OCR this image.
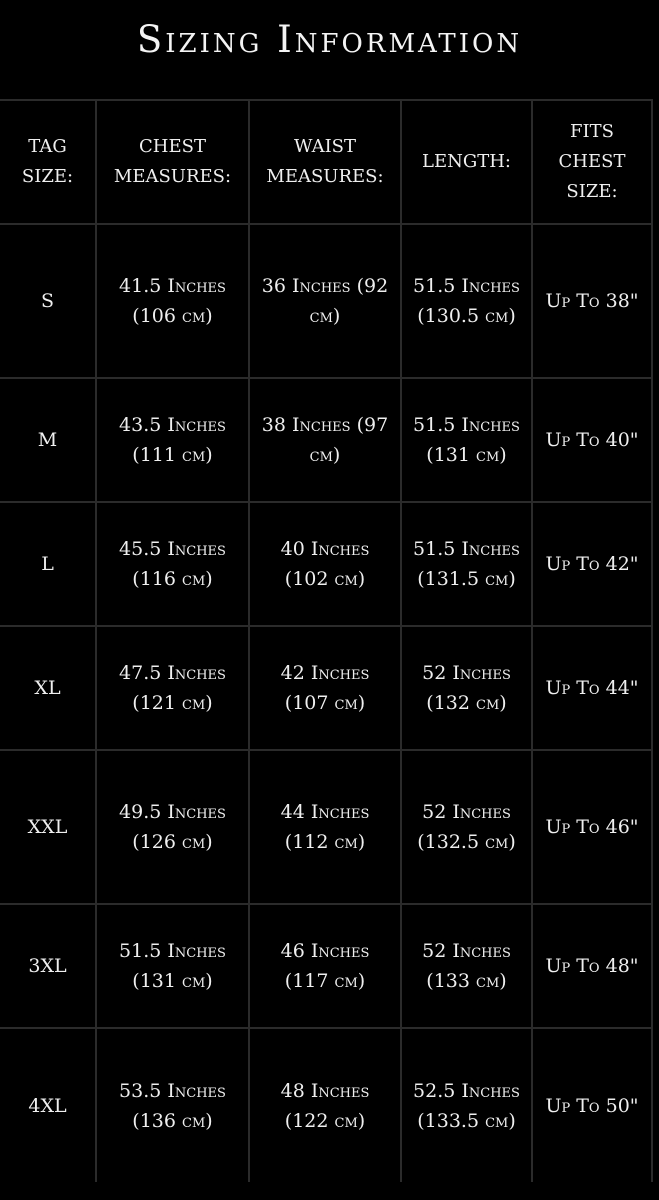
Sizing Information
TAG SIZE:	CHEST MEASURES:	WAIST MEASURES:	LENGTH:	FITS CHEST SIZE:
S	41.5 Inches (106 cm)	36 Inches (92 cm)	51.5 Inches (130.5 cm)	Up To 38"
M	43.5 Inches (111 cm)	38 Inches (97 cm)	51.5 Inches (131 cm)	Up To 40"
L	45.5 Inches (116 cm)	40 Inches (102 cm)	51.5 Inches (131.5 cm)	Up To 42"
XL	47.5 Inches (121 cm)	42 Inches (107 cm)	52 Inches (132 cm)	Up To 44"
XXL	49.5 Inches (126 cm)	44 Inches (112 cm)	52 Inches (132.5 cm)	Up To 46"
3XL	51.5 Inches (131 cm)	46 Inches (117 cm)	52 Inches (133 cm)	Up To 48"
4XL	53.5 Inches (136 cm)	48 Inches (122 cm)	52.5 Inches (133.5 cm)	Up To 50"
